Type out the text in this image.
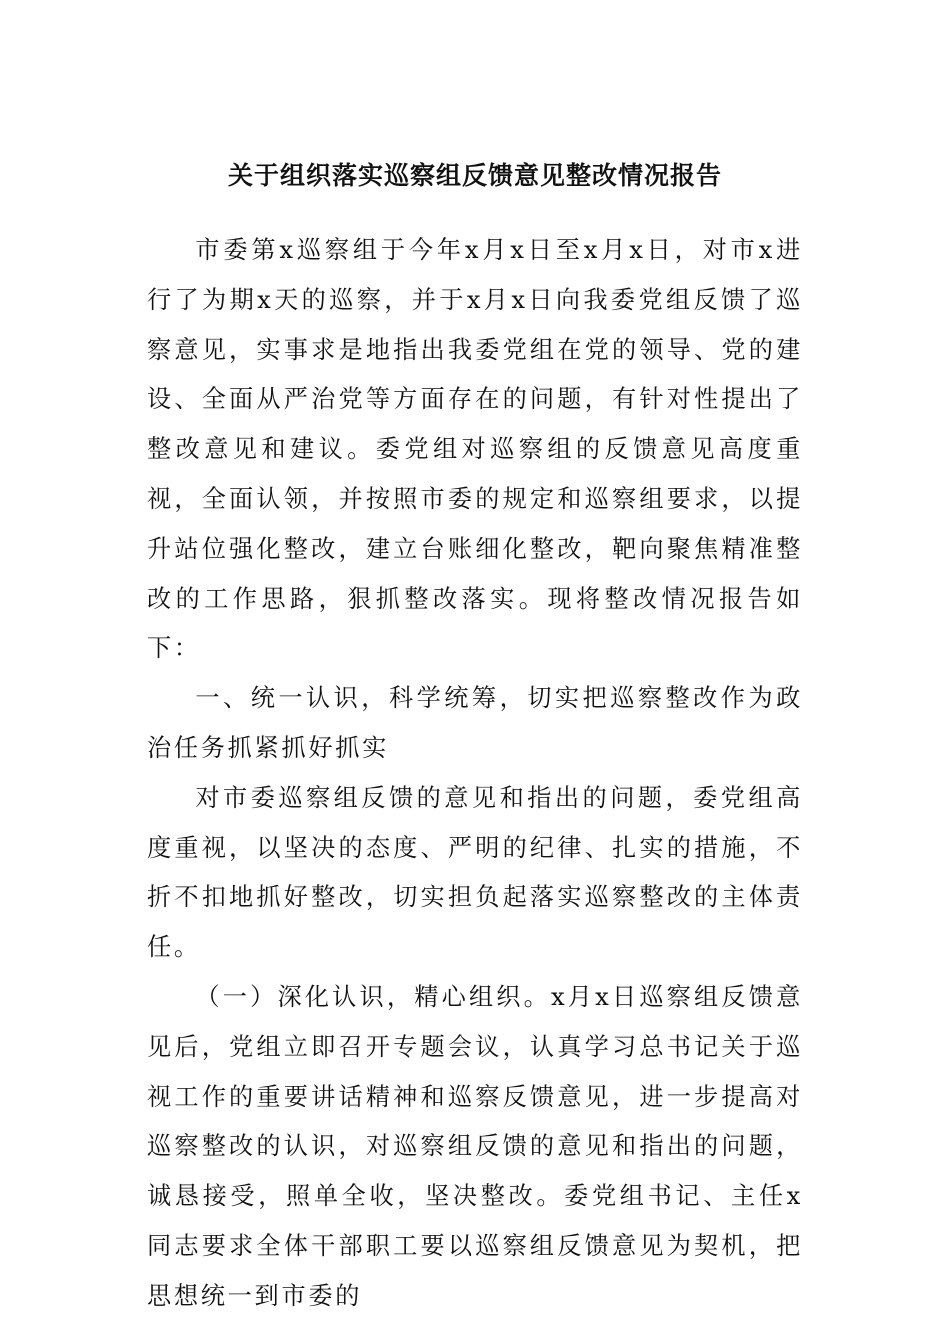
关于组织落实巡察组反馈意见整改情况报告

市委第x巡察组于今年x月x日至x月x日，对市x进行了为期x天的巡察，并于x月x日向我委党组反馈了巡察意见，实事求是地指出我委党组在党的领导、党的建设、全面从严治党等方面存在的问题，有针对性提出了整改意见和建议。委党组对巡察组的反馈意见高度重视，全面认领，并按照市委的规定和巡察组要求，以提升站位强化整改，建立台账细化整改，靶向聚焦精准整改的工作思路，狠抓整改落实。现将整改情况报告如下：

一、统一认识，科学统筹，切实把巡察整改作为政治任务抓紧抓好抓实

对市委巡察组反馈的意见和指出的问题，委党组高度重视，以坚决的态度、严明的纪律、扎实的措施，不折不扣地抓好整改，切实担负起落实巡察整改的主体责任。

（一）深化认识，精心组织。x月x日巡察组反馈意见后，党组立即召开专题会议，认真学习总书记关于巡视工作的重要讲话精神和巡察反馈意见，进一步提高对巡察整改的认识，对巡察组反馈的意见和指出的问题，诚恳接受，照单全收，坚决整改。委党组书记、主任x同志要求全体干部职工要以巡察组反馈意见为契机，把思想统一到市委的
